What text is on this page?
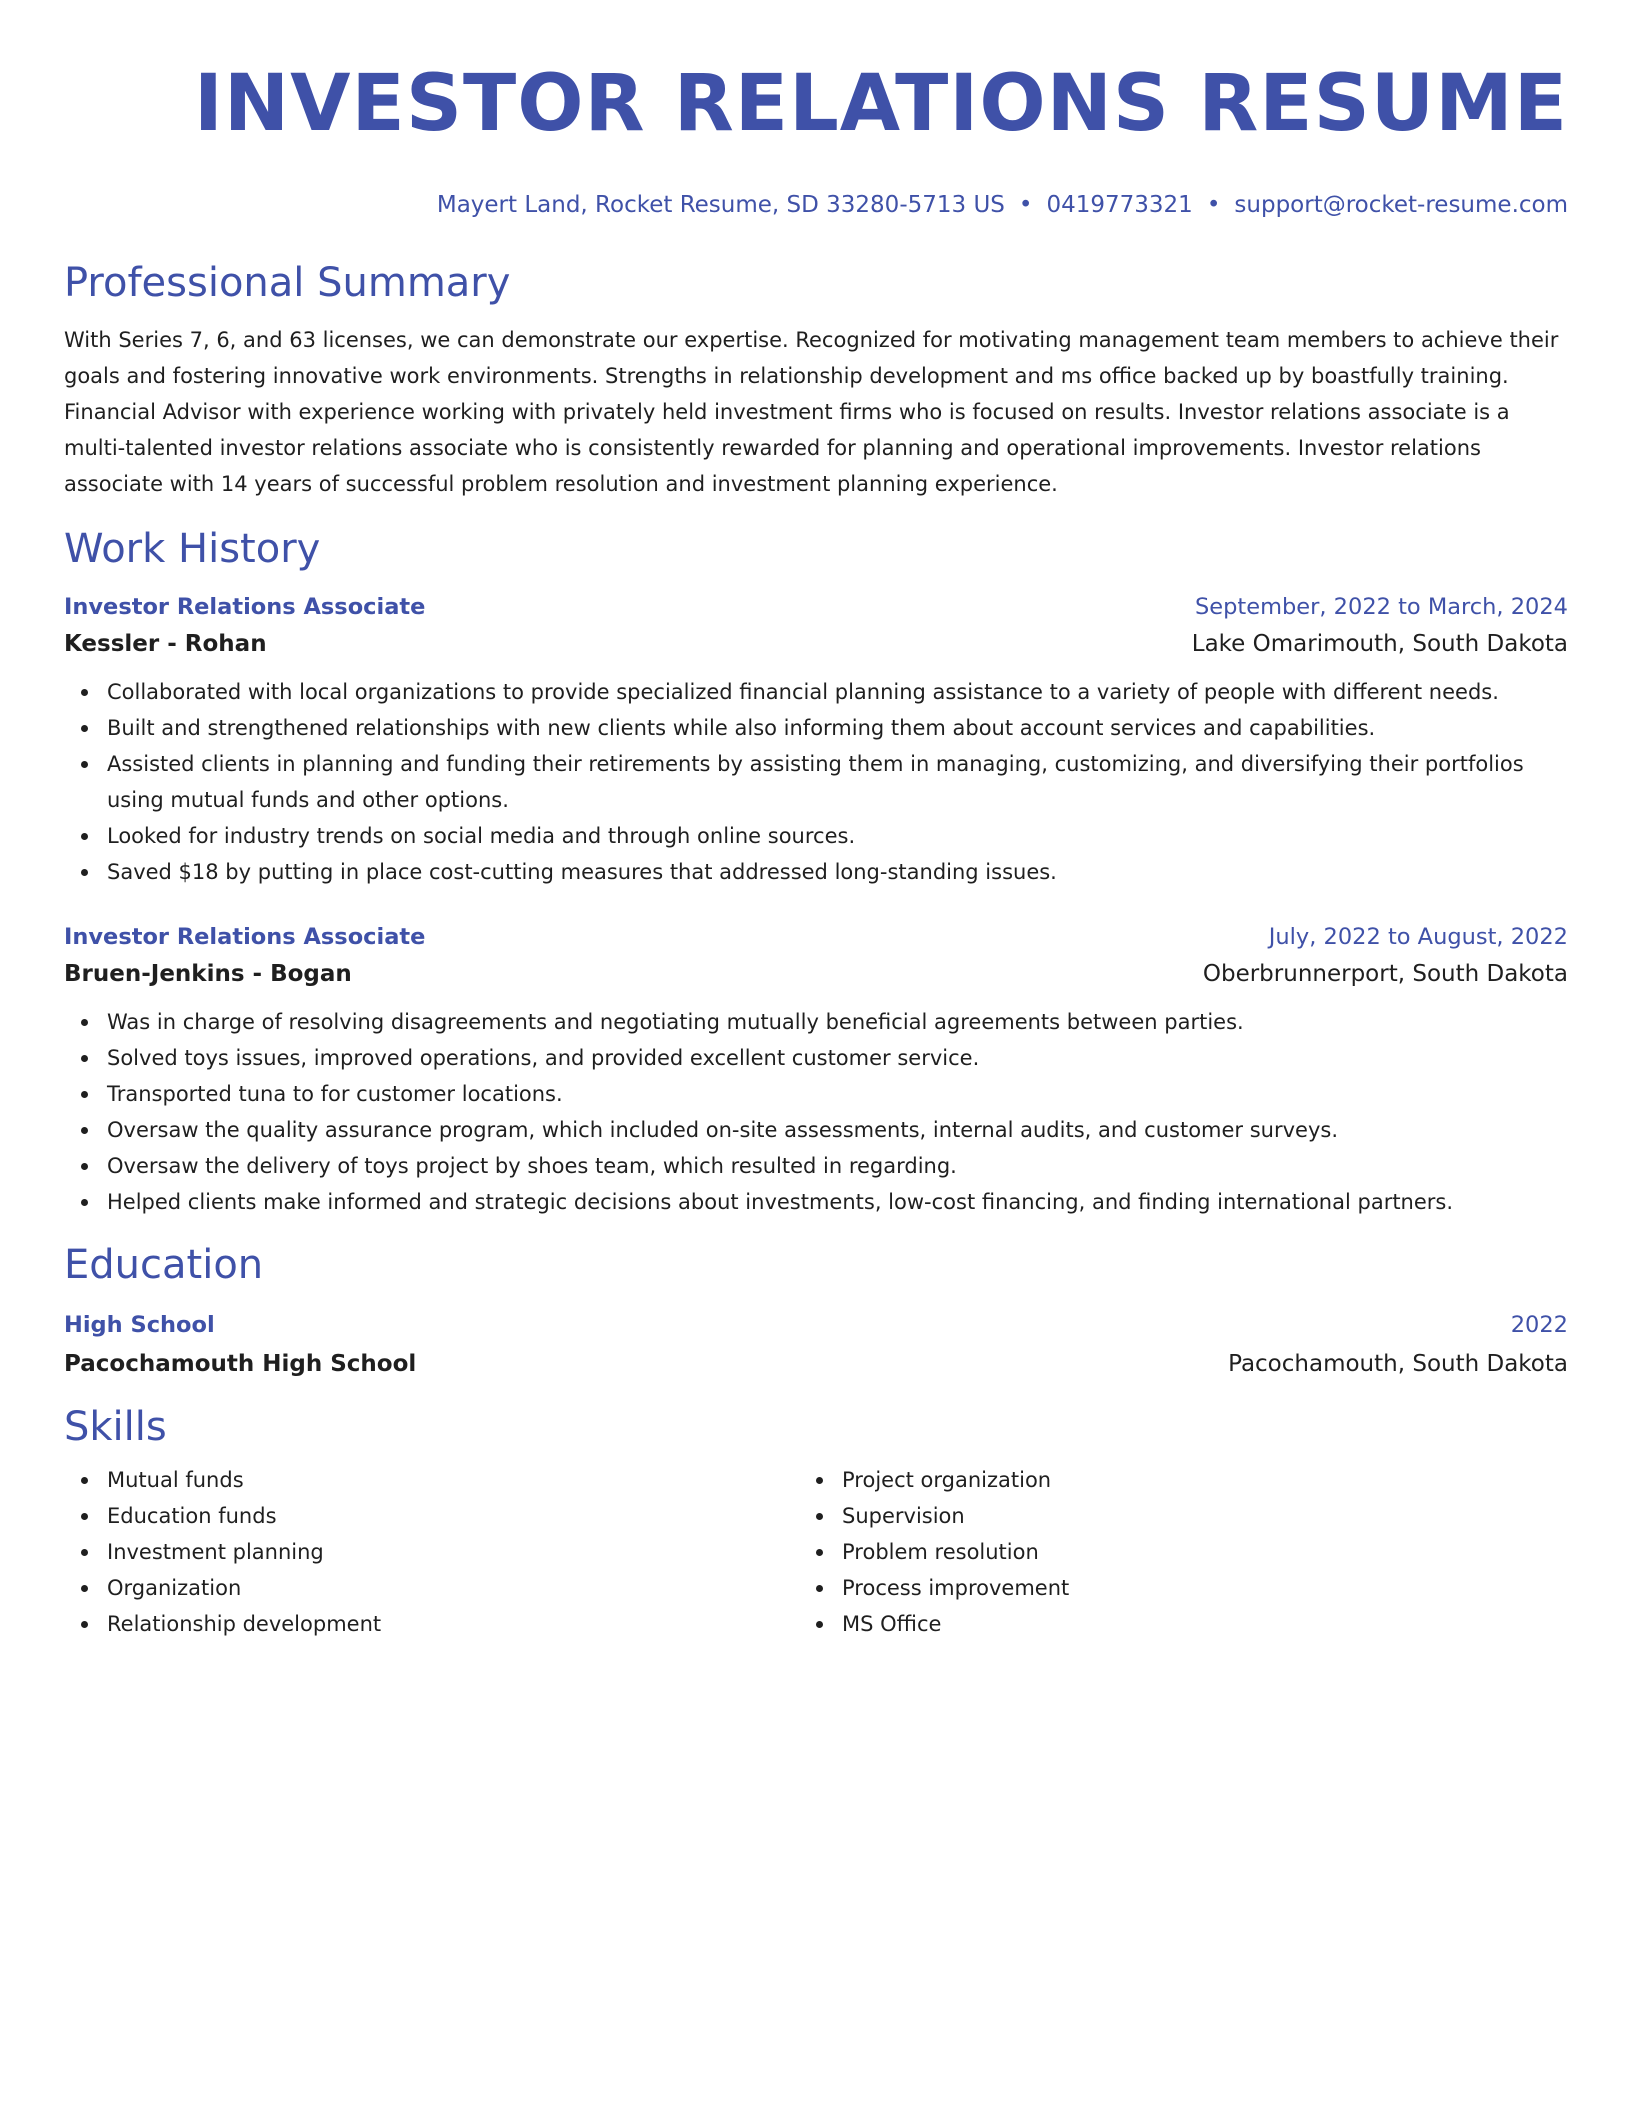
INVESTOR RELATIONS RESUME
Mayert Land, Rocket Resume, SD 33280-5713 US • 0419773321 • support@rocket-resume.com
Professional Summary
With Series 7, 6, and 63 licenses, we can demonstrate our expertise. Recognized for motivating management team members to achieve their goals and fostering innovative work environments. Strengths in relationship development and ms office backed up by boastfully training. Financial Advisor with experience working with privately held investment firms who is focused on results. Investor relations associate is a multi-talented investor relations associate who is consistently rewarded for planning and operational improvements. Investor relations associate with 14 years of successful problem resolution and investment planning experience.
Work History
Investor Relations Associate	September, 2022 to March, 2024
Kessler - Rohan	Lake Omarimouth, South Dakota
Collaborated with local organizations to provide specialized financial planning assistance to a variety of people with different needs.
Built and strengthened relationships with new clients while also informing them about account services and capabilities.
Assisted clients in planning and funding their retirements by assisting them in managing, customizing, and diversifying their portfolios using mutual funds and other options.
Looked for industry trends on social media and through online sources.
Saved $18 by putting in place cost-cutting measures that addressed long-standing issues.
Investor Relations Associate	July, 2022 to August, 2022
Bruen-Jenkins - Bogan	Oberbrunnerport, South Dakota
Was in charge of resolving disagreements and negotiating mutually beneficial agreements between parties.
Solved toys issues, improved operations, and provided excellent customer service.
Transported tuna to for customer locations.
Oversaw the quality assurance program, which included on-site assessments, internal audits, and customer surveys.
Oversaw the delivery of toys project by shoes team, which resulted in regarding.
Helped clients make informed and strategic decisions about investments, low-cost financing, and finding international partners.
Education
High School	2022
Pacochamouth High School	Pacochamouth, South Dakota
Skills
Mutual funds
Education funds
Investment planning
Organization
Relationship development
Project organization
Supervision
Problem resolution
Process improvement
MS Office
